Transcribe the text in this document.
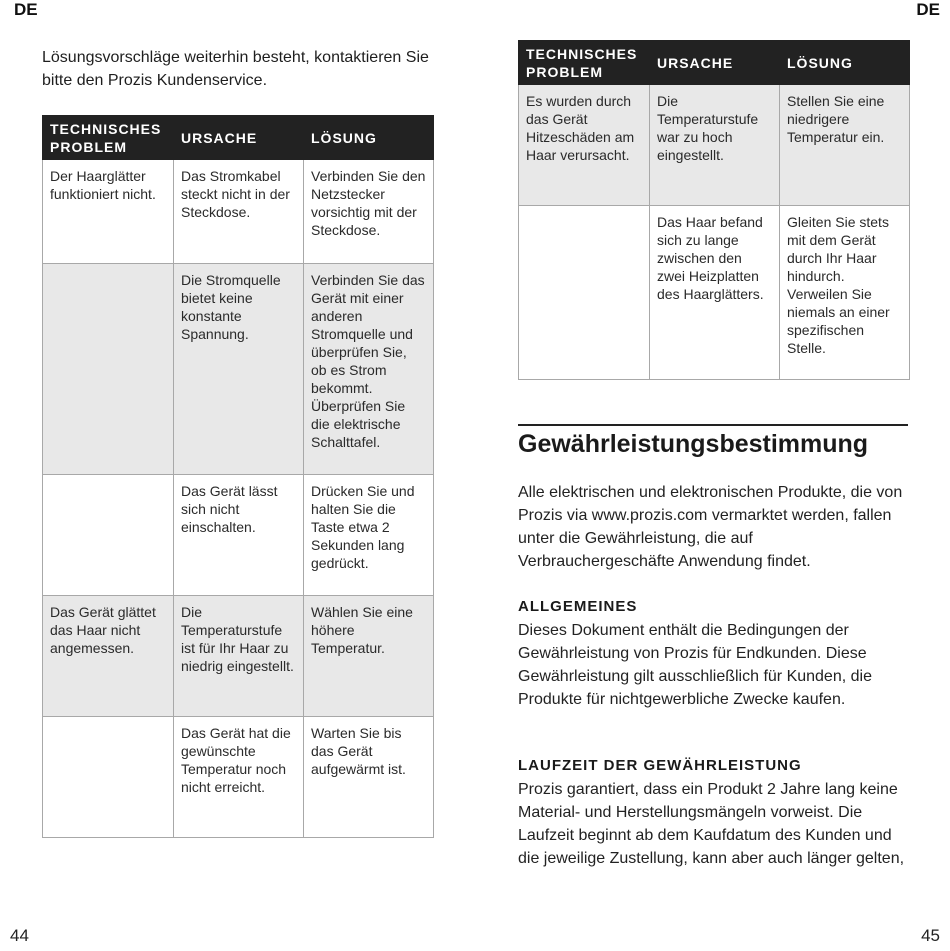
DE	DE

Lösungsvorschläge weiterhin besteht, kontaktieren Sie bitte den Prozis Kundenservice.

TECHNISCHES PROBLEM	URSACHE	LÖSUNG
Der Haarglätter funktioniert nicht.	Das Stromkabel steckt nicht in der Steckdose.	Verbinden Sie den Netzstecker vorsichtig mit der Steckdose.
	Die Stromquelle bietet keine konstante Spannung.	Verbinden Sie das Gerät mit einer anderen Stromquelle und überprüfen Sie, ob es Strom bekommt. Überprüfen Sie die elektrische Schalttafel.
	Das Gerät lässt sich nicht einschalten.	Drücken Sie und halten Sie die Taste etwa 2 Sekunden lang gedrückt.
Das Gerät glättet das Haar nicht angemessen.	Die Temperaturstufe ist für Ihr Haar zu niedrig eingestellt.	Wählen Sie eine höhere Temperatur.
	Das Gerät hat die gewünschte Temperatur noch nicht erreicht.	Warten Sie bis das Gerät aufgewärmt ist.
TECHNISCHES PROBLEM	URSACHE	LÖSUNG
Es wurden durch das Gerät Hitzeschäden am Haar verursacht.	Die Temperaturstufe war zu hoch eingestellt.	Stellen Sie eine niedrigere Temperatur ein.
	Das Haar befand sich zu lange zwischen den zwei Heizplatten des Haarglätters.	Gleiten Sie stets mit dem Gerät durch Ihr Haar hindurch. Verweilen Sie niemals an einer spezifischen Stelle.
Gewährleistungsbestimmung

Alle elektrischen und elektronischen Produkte, die von Prozis via www.prozis.com vermarktet werden, fallen unter die Gewährleistung, die auf Verbrauchergeschäfte Anwendung findet.

ALLGEMEINES

Dieses Dokument enthält die Bedingungen der Gewährleistung von Prozis für Endkunden. Diese Gewährleistung gilt ausschließlich für Kunden, die Produkte für nichtgewerbliche Zwecke kaufen.

LAUFZEIT DER GEWÄHRLEISTUNG

Prozis garantiert, dass ein Produkt 2 Jahre lang keine Material- und Herstellungsmängeln vorweist. Die Laufzeit beginnt ab dem Kaufdatum des Kunden und die jeweilige Zustellung, kann aber auch länger gelten,

44	45
